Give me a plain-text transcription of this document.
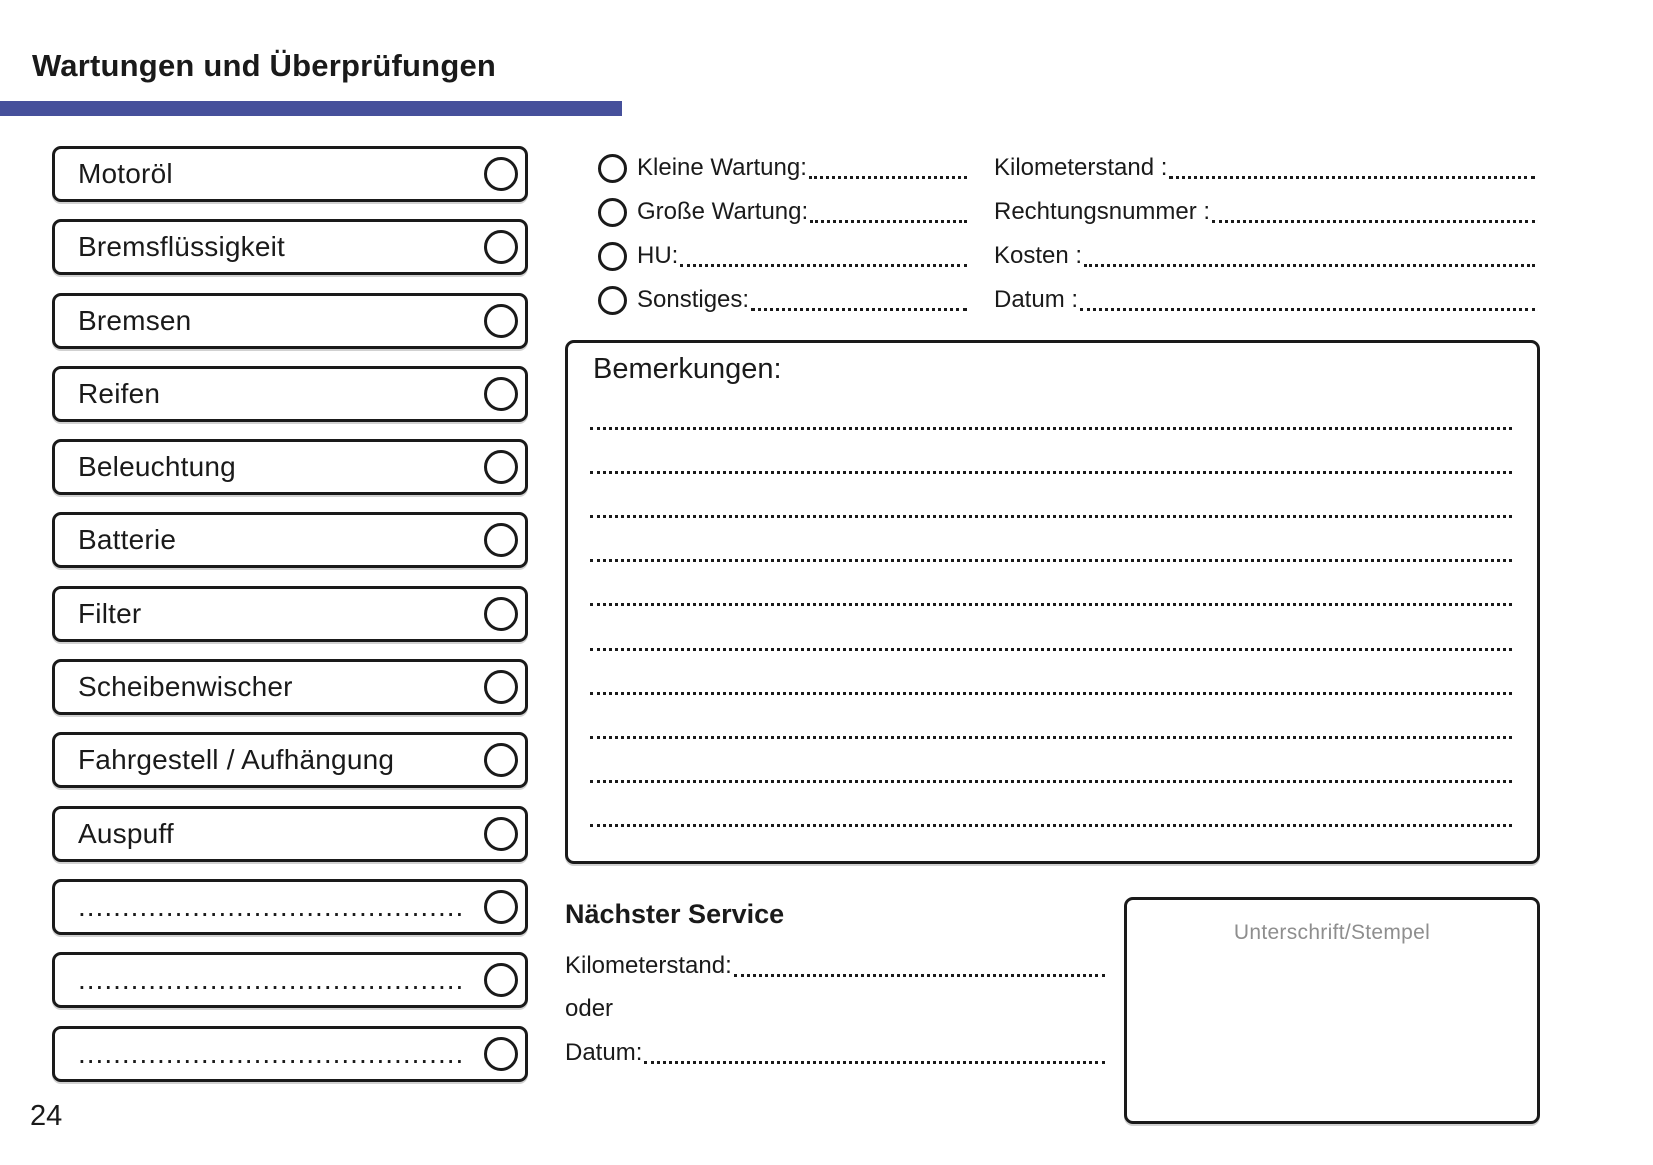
Wartungen und Überprüfungen
Motoröl
Bremsflüssigkeit
Bremsen
Reifen
Beleuchtung
Batterie
Filter
Scheibenwischer
Fahrgestell / Aufhängung
Auspuff
............................................
............................................
............................................
Kleine Wartung:
Große Wartung:
HU:
Sonstiges:
Kilometerstand :
Rechtungsnummer :
Kosten :
Datum :
Bemerkungen:
Nächster Service
Kilometerstand:
oder
Datum:
Unterschrift/Stempel
24
